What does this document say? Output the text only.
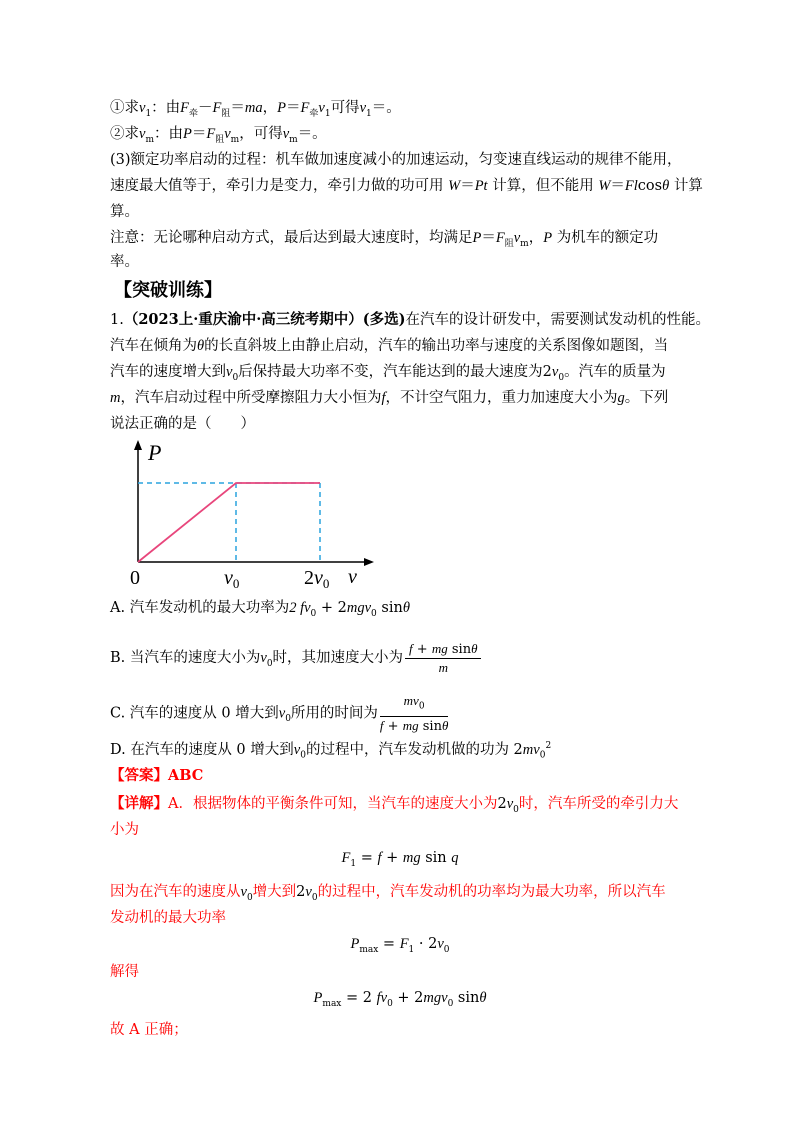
①求$v_1$：由$F_牵-F_阻=ma$，$P=F_牵v_1$可得$v_1=$。
②求$v_m$：由$P=F_阻v_m$，可得$v_m=$。
(3)额定功率启动的过程：机车做加速度减小的加速运动，匀变速直线运动的规律不能用，
速度最大值等于，牵引力是变力，牵引力做的功可用 W＝Pt 计算，但不能用 W＝Flcosθ 计算
算。
注意：无论哪种启动方式，最后达到最大速度时，均满足$P=F_阻v_m$，P 为机车的额定功
率。
【突破训练】
1.（2023上·重庆渝中·高三统考期中）(多选)在汽车的设计研发中，需要测试发动机的性能。
汽车在倾角为θ的长直斜坡上由静止启动，汽车的输出功率与速度的关系图像如题图，当
汽车的速度增大到$v_0$后保持最大功率不变，汽车能达到的最大速度为$2v_0$。汽车的质量为
m，汽车启动过程中所受摩擦阻力大小恒为f，不计空气阻力，重力加速度大小为g。下列
说法正确的是（　　）
P
v
0	$v_0$	$2v_0$
A. 汽车发动机的最大功率为2 $fv_0 + 2mgv_0$ sinθ
B. 当汽车的速度大小为$v_0$时，其加速度大小为 $\frac{\text{f + mg sinθ}}{m}$
C. 汽车的速度从 0 增大到$v_0$所用的时间为 $\frac{mv_0}{\text{f + mg sinθ}}$
D. 在汽车的速度从 0 增大到$v_0$的过程中，汽车发动机做的功为 $2mv_0^2$
【答案】ABC
【详解】A．根据物体的平衡条件可知，当汽车的速度大小为$2v_0$时，汽车所受的牵引力大
小为
$F_1 = f$ + mg sin q
因为在汽车的速度从$v_0$增大到$2v_0$的过程中，汽车发动机的功率均为最大功率，所以汽车
发动机的最大功率
$P_{max} = F_1 \cdot 2v_0$
解得
$P_{max} = 2$ $fv_0 + 2mgv_0$ sinθ
故 A 正确；
